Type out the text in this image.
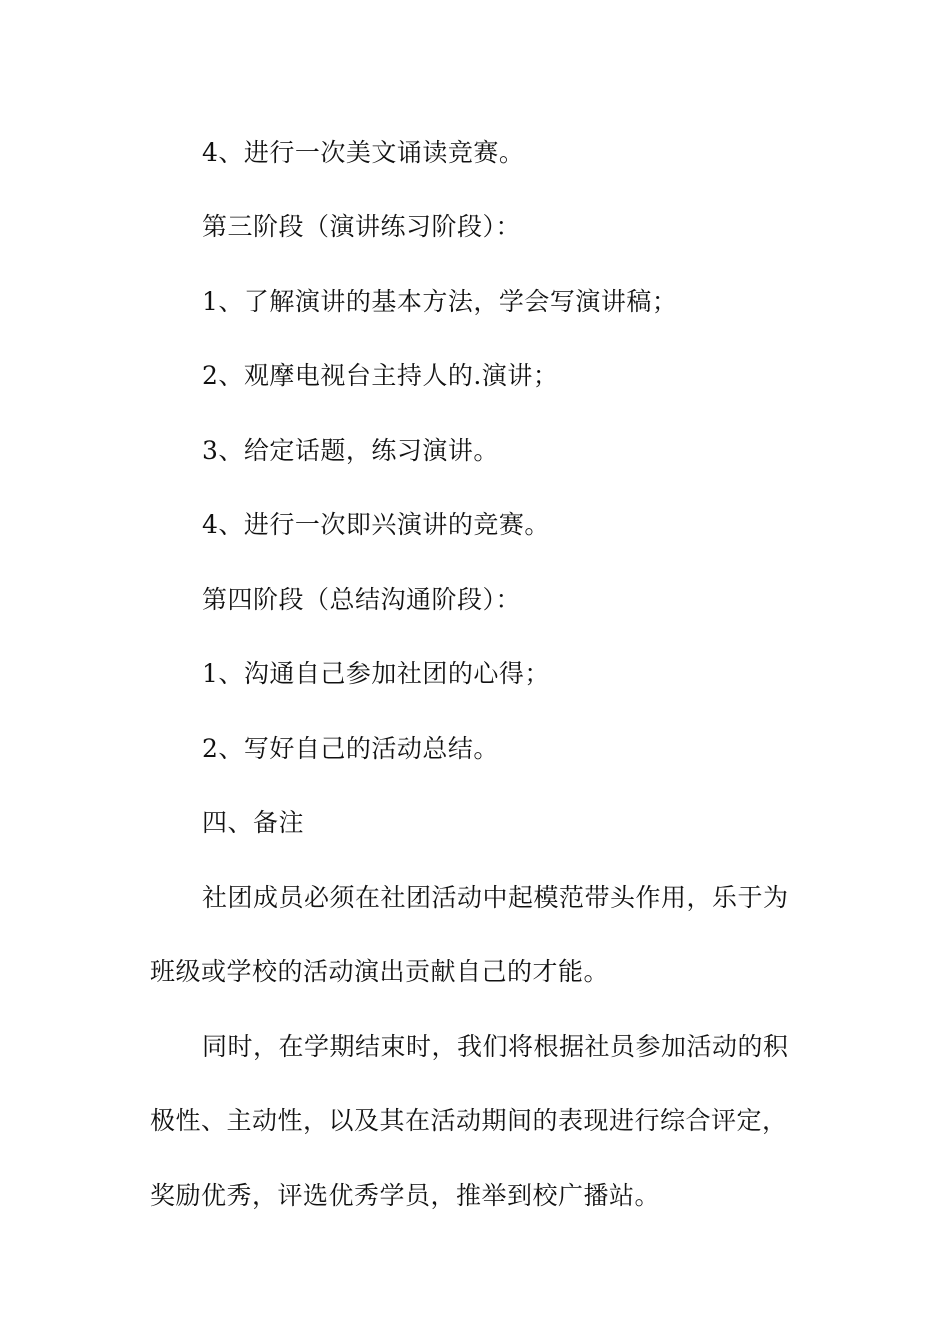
4、进行一次美文诵读竞赛。
第三阶段（演讲练习阶段）：
1、了解演讲的基本方法，学会写演讲稿；
2、观摩电视台主持人的.演讲；
3、给定话题，练习演讲。
4、进行一次即兴演讲的竞赛。
第四阶段（总结沟通阶段）：
1、沟通自己参加社团的心得；
2、写好自己的活动总结。
四、备注
社团成员必须在社团活动中起模范带头作用，乐于为
班级或学校的活动演出贡献自己的才能。
同时，在学期结束时，我们将根据社员参加活动的积
极性、主动性，以及其在活动期间的表现进行综合评定，
奖励优秀，评选优秀学员，推举到校广播站。
